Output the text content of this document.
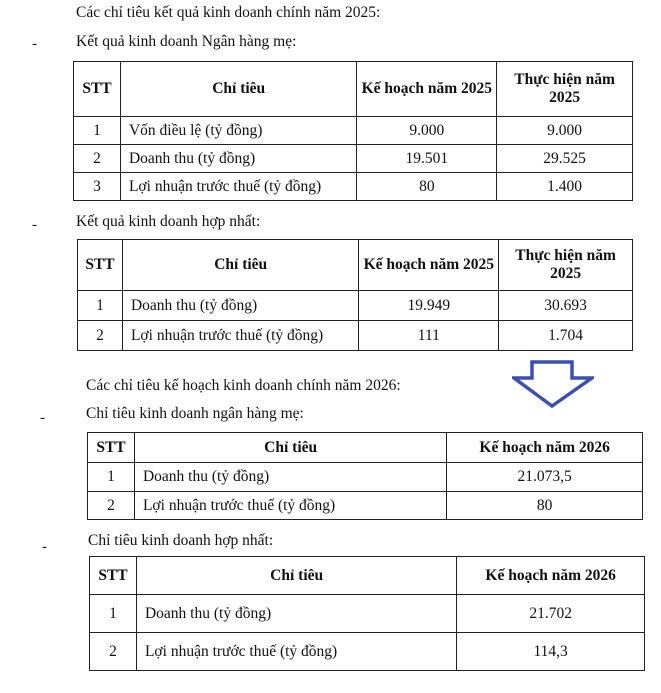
Các chỉ tiêu kết quả kinh doanh chính năm 2025:
-	Kết quả kinh doanh Ngân hàng mẹ:
STT	Chỉ tiêu	Kế hoạch năm 2025	Thực hiện năm 2025
1	Vốn điều lệ (tỷ đồng)	9.000	9.000
2	Doanh thu (tỷ đồng)	19.501	29.525
3	Lợi nhuận trước thuế (tỷ đồng)	80	1.400
-	Kết quả kinh doanh hợp nhất:
STT	Chỉ tiêu	Kế hoạch năm 2025	Thực hiện năm 2025
1	Doanh thu (tỷ đồng)	19.949	30.693
2	Lợi nhuận trước thuế (tỷ đồng)	111	1.704
Các chỉ tiêu kế hoạch kinh doanh chính năm 2026:
-	Chỉ tiêu kinh doanh ngân hàng mẹ:
STT	Chỉ tiêu	Kế hoạch năm 2026
1	Doanh thu (tỷ đồng)	21.073,5
2	Lợi nhuận trước thuế (tỷ đồng)	80
-	Chỉ tiêu kinh doanh hợp nhất:
STT	Chỉ tiêu	Kế hoạch năm 2026
1	Doanh thu (tỷ đồng)	21.702
2	Lợi nhuận trước thuế (tỷ đồng)	114,3
